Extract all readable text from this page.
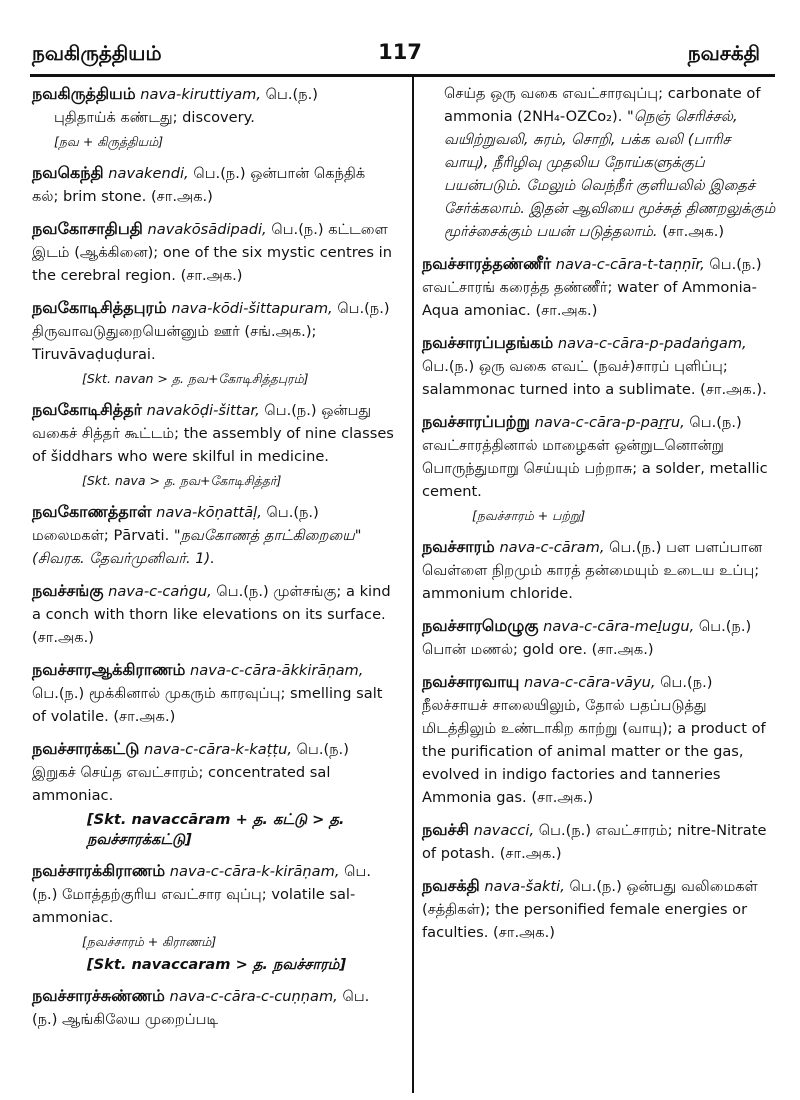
நவகிருத்தியம்	117	நவசக்தி
நவகிருத்தியம் nava-kiruttiyam, பெ.(ந.)
புதிதாய்க் கண்டது; discovery.
[நவ + கிருத்தியம்]
நவகெந்தி navakendi, பெ.(ந.) ஒன்பான் கெந்திக் கல்; brim stone. (சா.அக.)
நவகோசாதிபதி navakōsādipadi, பெ.(ந.) கட்டளை இடம் (ஆக்கினை); one of the six mystic centres in the cerebral region. (சா.அக.)
நவகோடிசித்தபுரம் nava-kōdi-šittapuram, பெ.(ந.) திருவாவடுதுறையென்னும் ஊர் (சங்.அக.); Tiruvāvaḍuḍurai.
[Skt. navan > த. நவ+கோடிசித்தபுரம்]
நவகோடிசித்தர் navakōḍi-šittar, பெ.(ந.) ஒன்பது வகைச் சித்தர் கூட்டம்; the assembly of nine classes of šiddhars who were skilful in medicine.
[Skt. nava > த. நவ+கோடிசித்தர்]
நவகோணத்தாள் nava-kōṇattāḷ, பெ.(ந.) மலைமகள்; Pārvati. "நவகோணத் தாட்கிறையை" (சிவரக. தேவர்முனிவர். 1).
நவச்சங்கு nava-c-caṅgu, பெ.(ந.) முள்சங்கு; a kind a conch with thorn like elevations on its surface. (சா.அக.)
நவச்சாரஆக்கிராணம் nava-c-cāra-ākkirāṇam, பெ.(ந.) மூக்கினால் முகரும் காரவுப்பு; smelling salt of volatile. (சா.அக.)
நவச்சாரக்கட்டு nava-c-cāra-k-kaṭṭu, பெ.(ந.) இறுகச் செய்த எவட்சாரம்; concentrated sal ammoniac.
[Skt. navaccāram + த. கட்டு > த. நவச்சாரக்கட்டு]
நவச்சாரக்கிராணம் nava-c-cāra-k-kirāṇam, பெ.(ந.) மோத்தற்குரிய எவட்சார வுப்பு; volatile sal-ammoniac.
[நவச்சாரம் + கிராணம்]
[Skt. navaccaram > த. நவச்சாரம்]
நவச்சாரச்சுண்ணம் nava-c-cāra-c-cuṇṇam, பெ.(ந.) ஆங்கிலேய முறைப்படி
செய்த ஒரு வகை எவட்சாரவுப்பு; carbonate of ammonia (2NH₄-OZCo₂). "நெஞ் செரிச்சல், வயிற்றுவலி, சுரம், சொறி, பக்க வலி (பாரிச வாயு), நீரிழிவு முதலிய நோய்களுக்குப் பயன்படும். மேலும் வெந்நீர் குளியலில் இதைச் சேர்க்கலாம். இதன் ஆவியை மூச்சுத் திணறலுக்கும் மூர்ச்சைக்கும் பயன் படுத்தலாம். (சா.அக.)
நவச்சாரத்தண்ணீர் nava-c-cāra-t-taṇṇīr, பெ.(ந.) எவட்சாரங் கரைத்த தண்ணீர்; water of Ammonia-Aqua amoniac. (சா.அக.)
நவச்சாரப்பதங்கம் nava-c-cāra-p-padaṅgam, பெ.(ந.) ஒரு வகை எவட் (நவச்)சாரப் புளிப்பு; salammonac turned into a sublimate. (சா.அக.).
நவச்சாரப்பற்று nava-c-cāra-p-paṟṟu, பெ.(ந.) எவட்சாரத்தினால் மாழைகள் ஒன்றுடனொன்று பொருந்துமாறு செய்யும் பற்றாசு; a solder, metallic cement.
[நவச்சாரம் + பற்று]
நவச்சாரம் nava-c-cāram, பெ.(ந.) பள பளப்பான வெள்ளை நிறமும் காரத் தன்மையும் உடைய உப்பு; ammonium chloride.
நவச்சாரமெழுகு nava-c-cāra-meḻugu, பெ.(ந.) பொன் மணல்; gold ore. (சா.அக.)
நவச்சாரவாயு nava-c-cāra-vāyu, பெ.(ந.) நீலச்சாயச் சாலையிலும், தோல் பதப்படுத்து மிடத்திலும் உண்டாகிற காற்று (வாயு); a product of the purification of animal matter or the gas, evolved in indigo factories and tanneries Ammonia gas. (சா.அக.)
நவச்சி navacci, பெ.(ந.) எவட்சாரம்; nitre-Nitrate of potash. (சா.அக.)
நவசக்தி nava-šakti, பெ.(ந.) ஒன்பது வலிமைகள் (சத்திகள்); the personified female energies or faculties. (சா.அக.)
